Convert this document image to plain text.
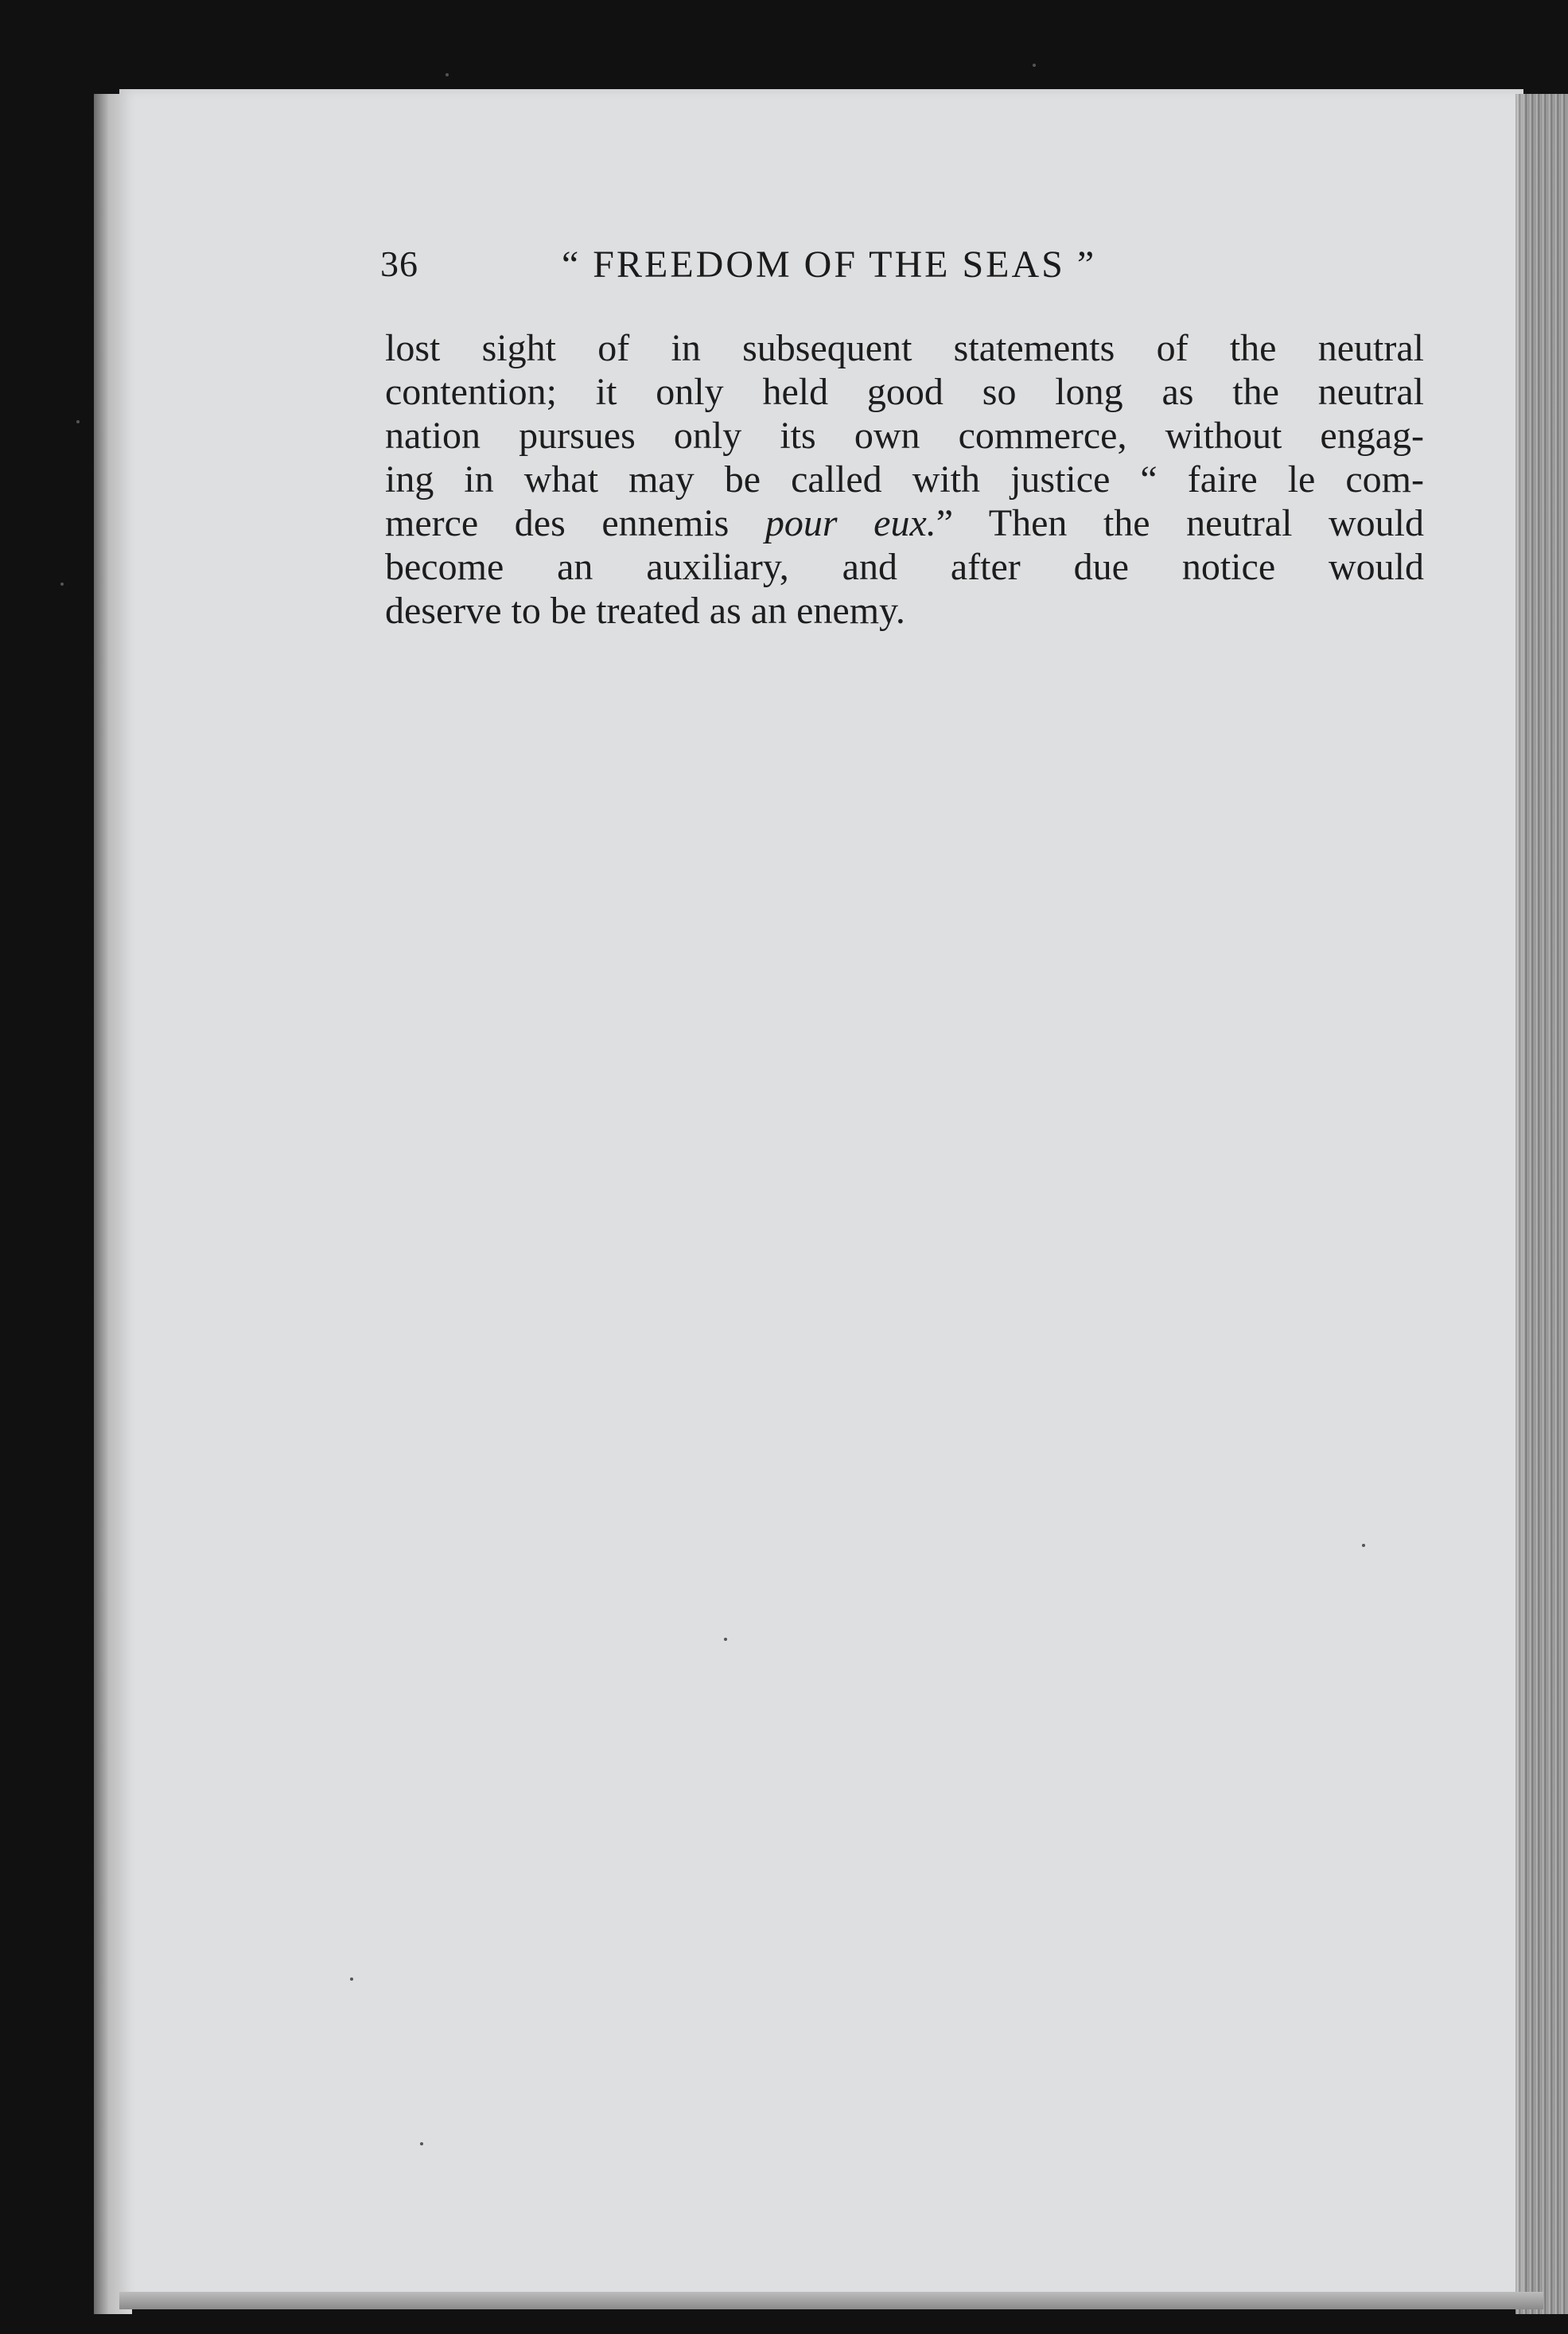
36	“ FREEDOM OF THE SEAS ”
lost sight of in subsequent statements of the neutral
contention; it only held good so long as the neutral
nation pursues only its own commerce, without engag-
ing in what may be called with justice “ faire le com-
merce des ennemis pour eux.” Then the neutral would
become an auxiliary, and after due notice would
deserve to be treated as an enemy.
